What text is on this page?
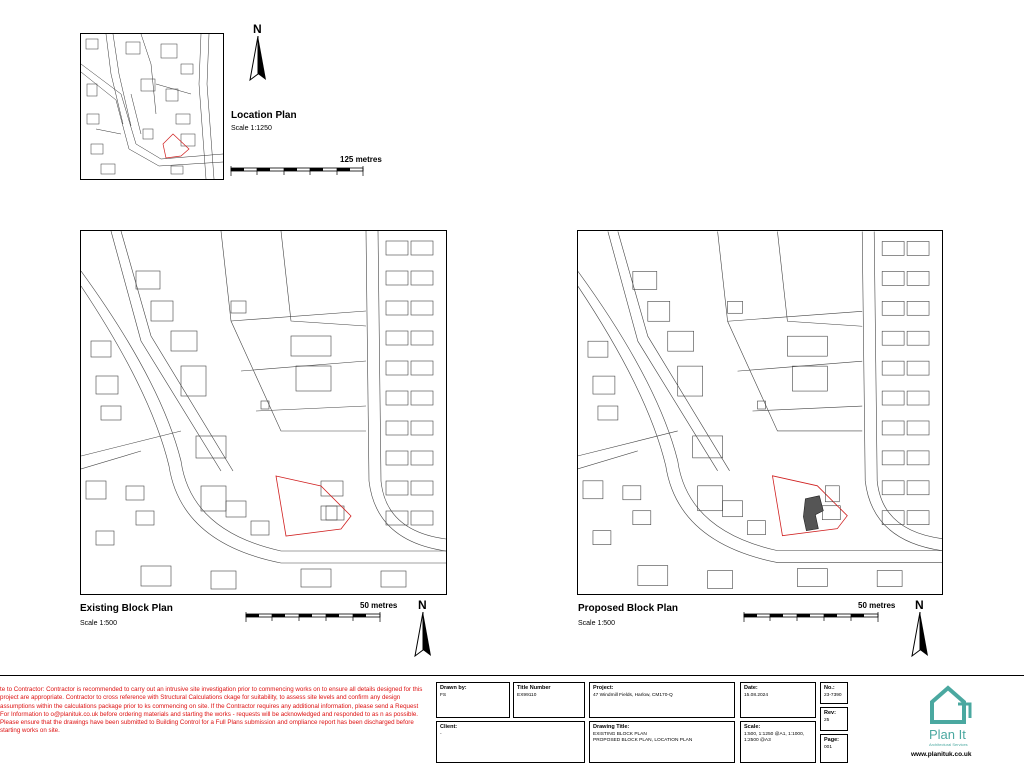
N
Location Plan
Scale 1:1250
125 metres
Existing Block Plan
Scale 1:500
50 metres N	Proposed Block Plan
Scale 1:500
50 metres N
te to Contractor: Contractor is recommended to carry out an intrusive site investigation prior to commencing works on to ensure all details designed for this project are appropriate. Contractor to cross reference with Structural Calculations ckage for suitability, to assess site levels and confirm any design assumptions within the calculations package prior to ks commencing on site. If the Contractor requires any additional information, please send a Request For Information to o@planituk.co.uk before ordering materials and starting the works - requests will be acknowledged and responded to as n as possible. Please ensure that the drawings have been submitted to Building Control for a Full Plans submission and ompliance report has been discharged before starting works on site.
Drawn by:
FS
Title Number
EX99110
Project:
47 Windmill Fields, Harlow, CM170-Q
Date:
15.08.2024
No.:
23-7390
Client:
-
Drawing Title:
EXISTING BLOCK PLAN
PROPOSED BLOCK PLAN, LOCATION PLAN
Scale:
1:500, 1:1250 @A1, 1:1000,
1:2500 @A3
Rev:
25
Page:
001
Plan It
Architectural Services
www.planituk.co.uk
